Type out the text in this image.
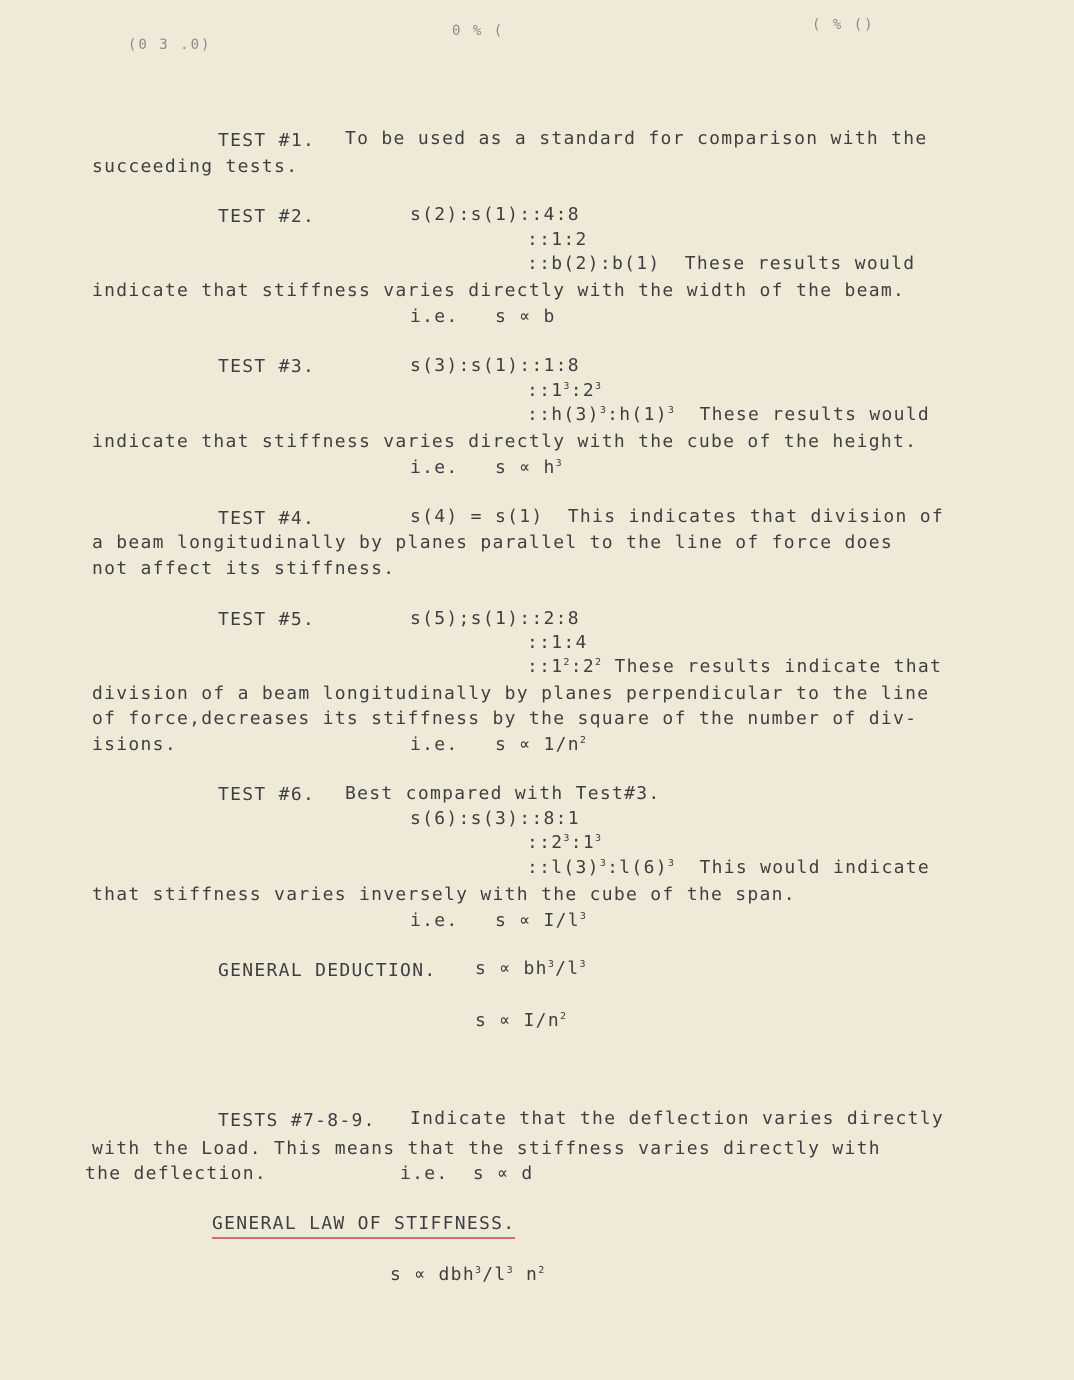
(0 3 .0)
0 % (	( % ()
TEST #1. To be used as a standard for comparison with the
succeeding tests.
TEST #2.	s(2):s(1)::4:8
::1:2
::b(2):b(1)  These results would
indicate that stiffness varies directly with the width of the beam.
i.e.   s ∝ b
TEST #3.	s(3):s(1)::1:8
$::1^3:2^3$
$::h(3)^3:h(1)^3$  These results would
indicate that stiffness varies directly with the cube of the height.
i.e.   $s \propto h^3$
TEST #4.	s(4) = s(1)  This indicates that division of
a beam longitudinally by planes parallel to the line of force does
not affect its stiffness.
TEST #5.	s(5);s(1)::2:8
::1:4
$::1^2:2^2$ These results indicate that
division of a beam longitudinally by planes perpendicular to the line
of force,decreases its stiffness by the square of the number of div-
isions.	i.e.   $s \propto 1/n^2$
TEST #6. Best compared with Test#3.
s(6):s(3)::8:1
$::2^3:1^3$
$::l(3)^3:l(6)^3$  This would indicate
that stiffness varies inversely with the cube of the span.
i.e.   $s \propto I/l^3$
GENERAL DEDUCTION. $s \propto bh^3/l^3$
$s \propto I/n^2$
TESTS #7-8-9. Indicate that the deflection varies directly
with the Load. This means that the stiffness varies directly with
the deflection.	i.e.  s ∝ d
GENERAL LAW OF STIFFNESS.
$s \propto dbh^3/l^3$ $n^2$
